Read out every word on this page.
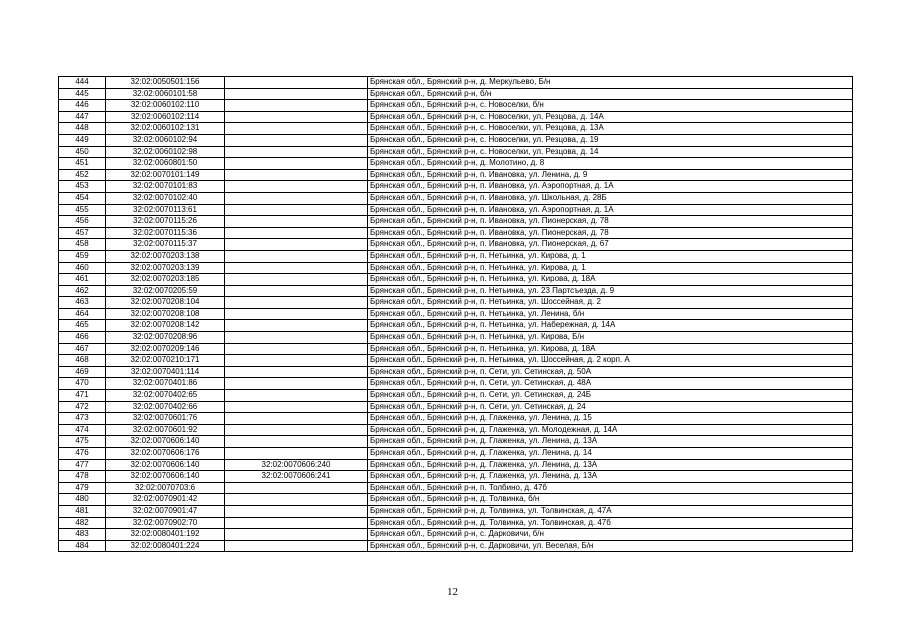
444	32:02:0050501:156		Брянская обл., Брянский р-н, д. Меркульево, Б/н
445	32:02:0060101:58		Брянская обл., Брянский р-н, б/н
446	32:02:0060102:110		Брянская обл., Брянский р-н, с. Новоселки, б/н
447	32:02:0060102:114		Брянская обл., Брянский р-н, с. Новоселки, ул. Резцова, д. 14А
448	32:02:0060102:131		Брянская обл., Брянский р-н, с. Новоселки, ул. Резцова, д. 13А
449	32:02:0060102:94		Брянская обл., Брянский р-н, с. Новоселки, ул. Резцова, д. 19
450	32:02:0060102:98		Брянская обл., Брянский р-н, с. Новоселки, ул. Резцова, д. 14
451	32:02:0060801:50		Брянская обл., Брянский р-н, д. Молотино, д. 8
452	32:02:0070101:149		Брянская обл., Брянский р-н, п. Ивановка, ул. Ленина, д. 9
453	32:02:0070101:83		Брянская обл., Брянский р-н, п. Ивановка, ул. Аэропортная, д. 1А
454	32:02:0070102:40		Брянская обл., Брянский р-н, п. Ивановка, ул. Школьная, д. 28Б
455	32:02:0070113:61		Брянская обл., Брянский р-н, п. Ивановка, ул. Аэропортная, д. 1А
456	32:02:0070115:26		Брянская обл., Брянский р-н, п. Ивановка, ул. Пионерская, д. 78
457	32:02:0070115:36		Брянская обл., Брянский р-н, п. Ивановка, ул. Пионерская, д. 78
458	32:02:0070115:37		Брянская обл., Брянский р-н, п. Ивановка, ул. Пионерская, д. 67
459	32:02:0070203:138		Брянская обл., Брянский р-н, п. Нетьинка, ул. Кирова, д. 1
460	32:02:0070203:139		Брянская обл., Брянский р-н, п. Нетьинка, ул. Кирова, д. 1
461	32:02:0070203:185		Брянская обл., Брянский р-н, п. Нетьинка, ул. Кирова, д. 18А
462	32:02:0070205:59		Брянская обл., Брянский р-н, п. Нетьинка, ул. 23 Партсъезда, д. 9
463	32:02:0070208:104		Брянская обл., Брянский р-н, п. Нетьинка, ул. Шоссейная, д. 2
464	32:02:0070208:108		Брянская обл., Брянский р-н, п. Нетьинка, ул. Ленина, б/н
465	32:02:0070208:142		Брянская обл., Брянский р-н, п. Нетьинка, ул. Набережная, д. 14А
466	32:02:0070208:96		Брянская обл., Брянский р-н, п. Нетьинка, ул. Кирова, Б/н
467	32:02:0070209:146		Брянская обл., Брянский р-н, п. Нетьинка, ул. Кирова, д. 18А
468	32:02:0070210:171		Брянская обл., Брянский р-н, п. Нетьинка, ул. Шоссейная, д. 2 корп. А
469	32:02:0070401:114		Брянская обл., Брянский р-н, п. Сети, ул. Сетинская, д. 50А
470	32:02:0070401:86		Брянская обл., Брянский р-н, п. Сети, ул. Сетинская, д. 48А
471	32:02:0070402:65		Брянская обл., Брянский р-н, п. Сети, ул. Сетинская, д. 24Б
472	32:02:0070402:66		Брянская обл., Брянский р-н, п. Сети, ул. Сетинская, д. 24
473	32:02:0070601:76		Брянская обл., Брянский р-н, д. Глаженка, ул. Ленина, д. 15
474	32:02:0070601:92		Брянская обл., Брянский р-н, д. Глаженка, ул. Молодежная, д. 14А
475	32:02:0070606:140		Брянская обл., Брянский р-н, д. Глаженка, ул. Ленина, д. 13А
476	32:02:0070606:176		Брянская обл., Брянский р-н, д. Глаженка, ул. Ленина, д. 14
477	32:02:0070606:140	32:02:0070606:240	Брянская обл., Брянский р-н, д. Глаженка, ул. Ленина, д. 13А
478	32:02:0070606:140	32:02:0070606:241	Брянская обл., Брянский р-н, д. Глаженка, ул. Ленина, д. 13А
479	32:02:0070703:6		Брянская обл., Брянский р-н, п. Толбино, д. 47б
480	32:02:0070901:42		Брянская обл., Брянский р-н, д. Толвинка, б/н
481	32:02:0070901:47		Брянская обл., Брянский р-н, д. Толвинка, ул. Толвинская, д. 47А
482	32:02:0070902:70		Брянская обл., Брянский р-н, д. Толвинка, ул. Толвинская, д. 47б
483	32:02:0080401:192		Брянская обл., Брянский р-н, с. Дарковичи, б/н
484	32:02:0080401:224		Брянская обл., Брянский р-н, с. Дарковичи, ул. Веселая, Б/н
12
